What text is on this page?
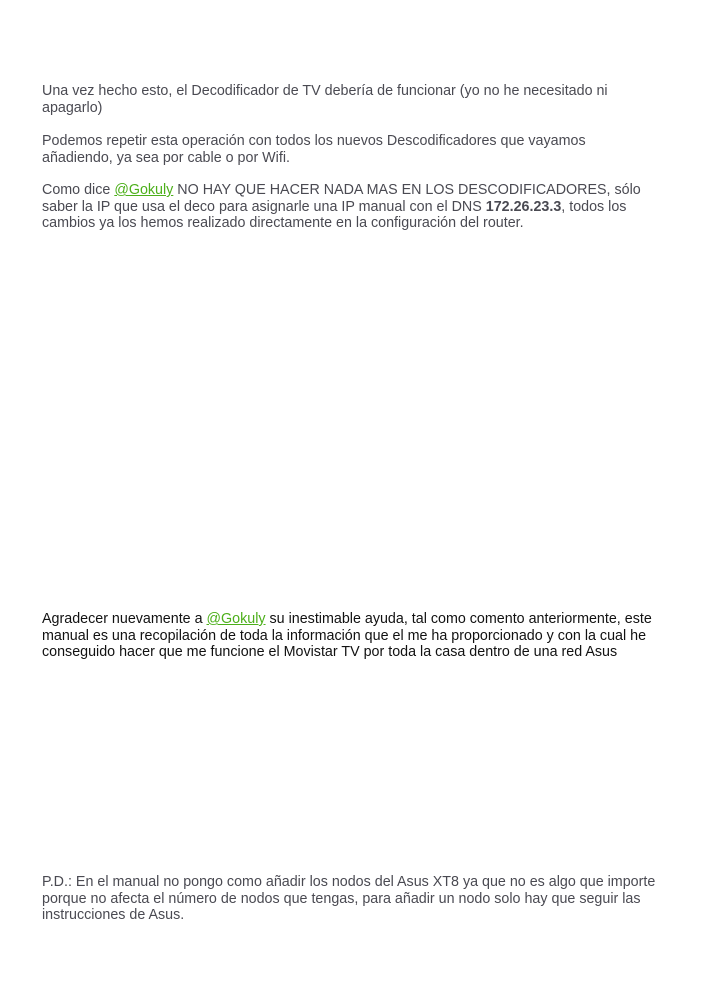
Una vez hecho esto, el Decodificador de TV debería de funcionar (yo no he necesitado ni
apagarlo)

Podemos repetir esta operación con todos los nuevos Descodificadores que vayamos
añadiendo, ya sea por cable o por Wifi.

Como dice @Gokuly NO HAY QUE HACER NADA MAS EN LOS DESCODIFICADORES, sólo
saber la IP que usa el deco para asignarle una IP manual con el DNS 172.26.23.3, todos los
cambios ya los hemos realizado directamente en la configuración del router.

Agradecer nuevamente a @Gokuly su inestimable ayuda, tal como comento anteriormente, este
manual es una recopilación de toda la información que el me ha proporcionado y con la cual he
conseguido hacer que me funcione el Movistar TV por toda la casa dentro de una red Asus

P.D.: En el manual no pongo como añadir los nodos del Asus XT8 ya que no es algo que importe
porque no afecta el número de nodos que tengas, para añadir un nodo solo hay que seguir las
instrucciones de Asus.
